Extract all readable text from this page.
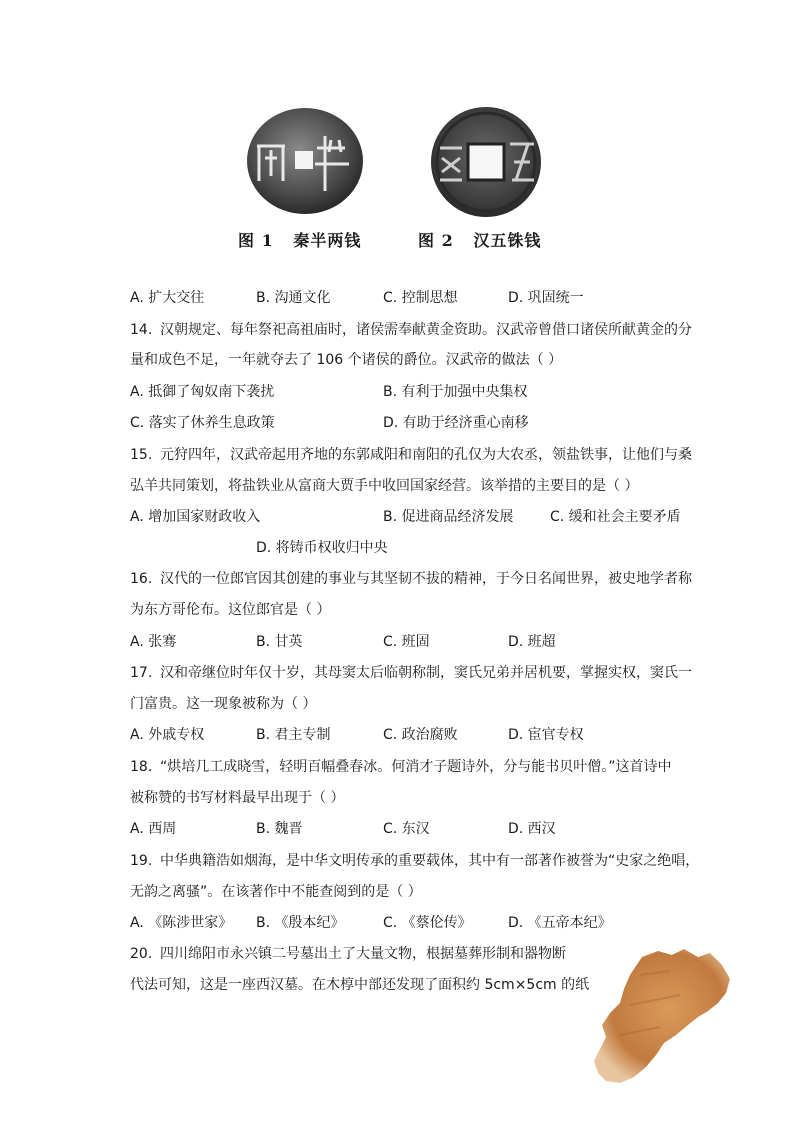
图 1   秦半两钱	图 2   汉五铢钱
A. 扩大交往	B. 沟通文化	C. 控制思想	D. 巩固统一
14. 汉朝规定、每年祭祀高祖庙时，诸侯需奉献黄金资助。汉武帝曾借口诸侯所献黄金的分
量和成色不足，一年就夺去了 106 个诸侯的爵位。汉武帝的做法（ ）
A. 抵御了匈奴南下袭扰	B. 有利于加强中央集权
C. 落实了休养生息政策	D. 有助于经济重心南移
15. 元狩四年，汉武帝起用齐地的东郭咸阳和南阳的孔仅为大农丞，领盐铁事，让他们与桑
弘羊共同策划，将盐铁业从富商大贾手中收回国家经营。该举措的主要目的是（ ）
A. 增加国家财政收入	B. 促进商品经济发展	C. 缓和社会主要矛盾
D. 将铸币权收归中央
16. 汉代的一位郎官因其创建的事业与其坚韧不拔的精神，于今日名闻世界，被史地学者称
为东方哥伦布。这位郎官是（ ）
A. 张骞	B. 甘英	C. 班固	D. 班超
17. 汉和帝继位时年仅十岁，其母窦太后临朝称制，窦氏兄弟并居机要，掌握实权，窦氏一
门富贵。这一现象被称为（ ）
A. 外戚专权	B. 君主专制	C. 政治腐败	D. 宦官专权
18. “烘培几工成晓雪，轻明百幅叠春冰。何消才子题诗外，分与能书贝叶僧。”这首诗中
被称赞的书写材料最早出现于（ ）
A. 西周	B. 魏晋	C. 东汉	D. 西汉
19. 中华典籍浩如烟海，是中华文明传承的重要载体，其中有一部著作被誉为“史家之绝唱，
无韵之离骚”。在该著作中不能查阅到的是（ ）
A. 《陈涉世家》 B. 《殷本纪》	C. 《蔡伦传》	D. 《五帝本纪》
20. 四川绵阳市永兴镇二号墓出土了大量文物，根据墓葬形制和器物断
代法可知，这是一座西汉墓。在木椁中部还发现了面积约 5cm×5cm 的纸
